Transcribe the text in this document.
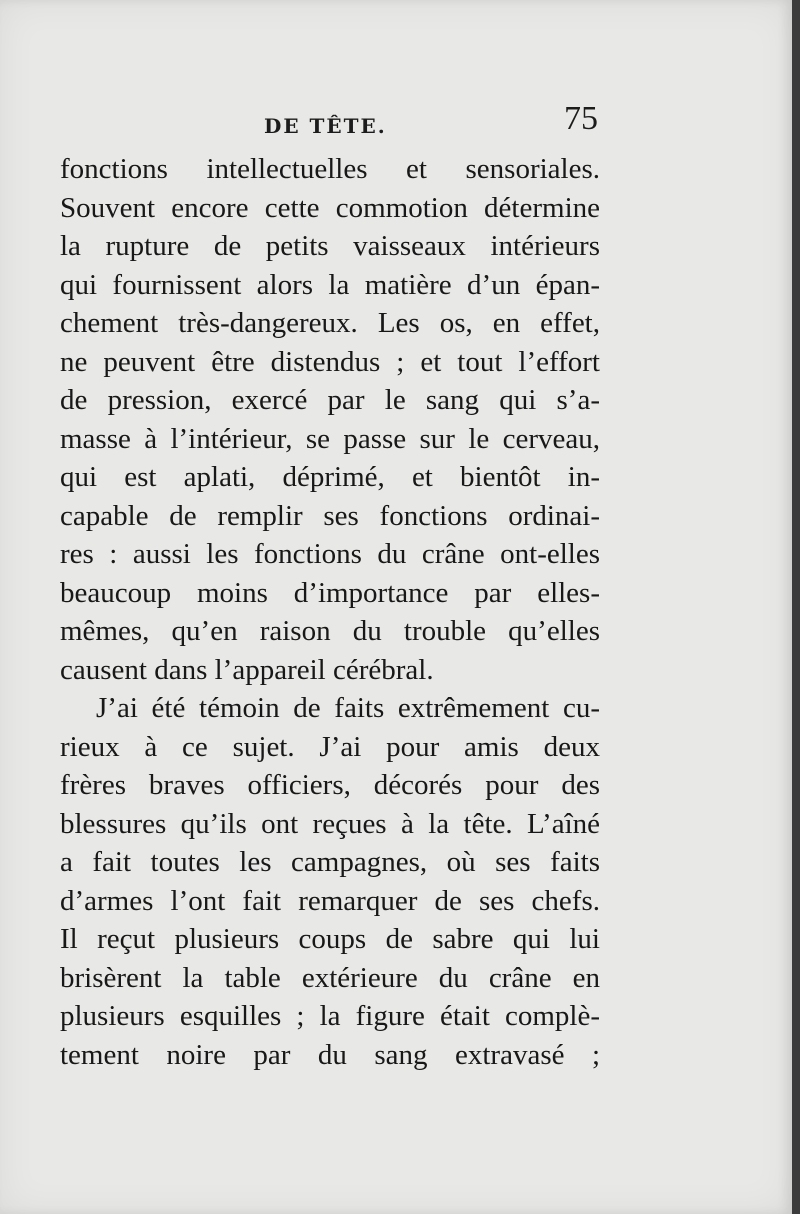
DE TÊTE.	75
fonctions intellectuelles et sensoriales.
Souvent encore cette commotion détermine
la rupture de petits vaisseaux intérieurs
qui fournissent alors la matière d’un épan-
chement très-dangereux. Les os, en effet,
ne peuvent être distendus ; et tout l’effort
de pression, exercé par le sang qui s’a-
masse à l’intérieur, se passe sur le cerveau,
qui est aplati, déprimé, et bientôt in-
capable de remplir ses fonctions ordinai-
res : aussi les fonctions du crâne ont-elles
beaucoup moins d’importance par elles-
mêmes, qu’en raison du trouble qu’elles
causent dans l’appareil cérébral.
J’ai été témoin de faits extrêmement cu-
rieux à ce sujet. J’ai pour amis deux
frères braves officiers, décorés pour des
blessures qu’ils ont reçues à la tête. L’aîné
a fait toutes les campagnes, où ses faits
d’armes l’ont fait remarquer de ses chefs.
Il reçut plusieurs coups de sabre qui lui
brisèrent la table extérieure du crâne en
plusieurs esquilles ; la figure était complè-
tement noire par du sang extravasé ;
